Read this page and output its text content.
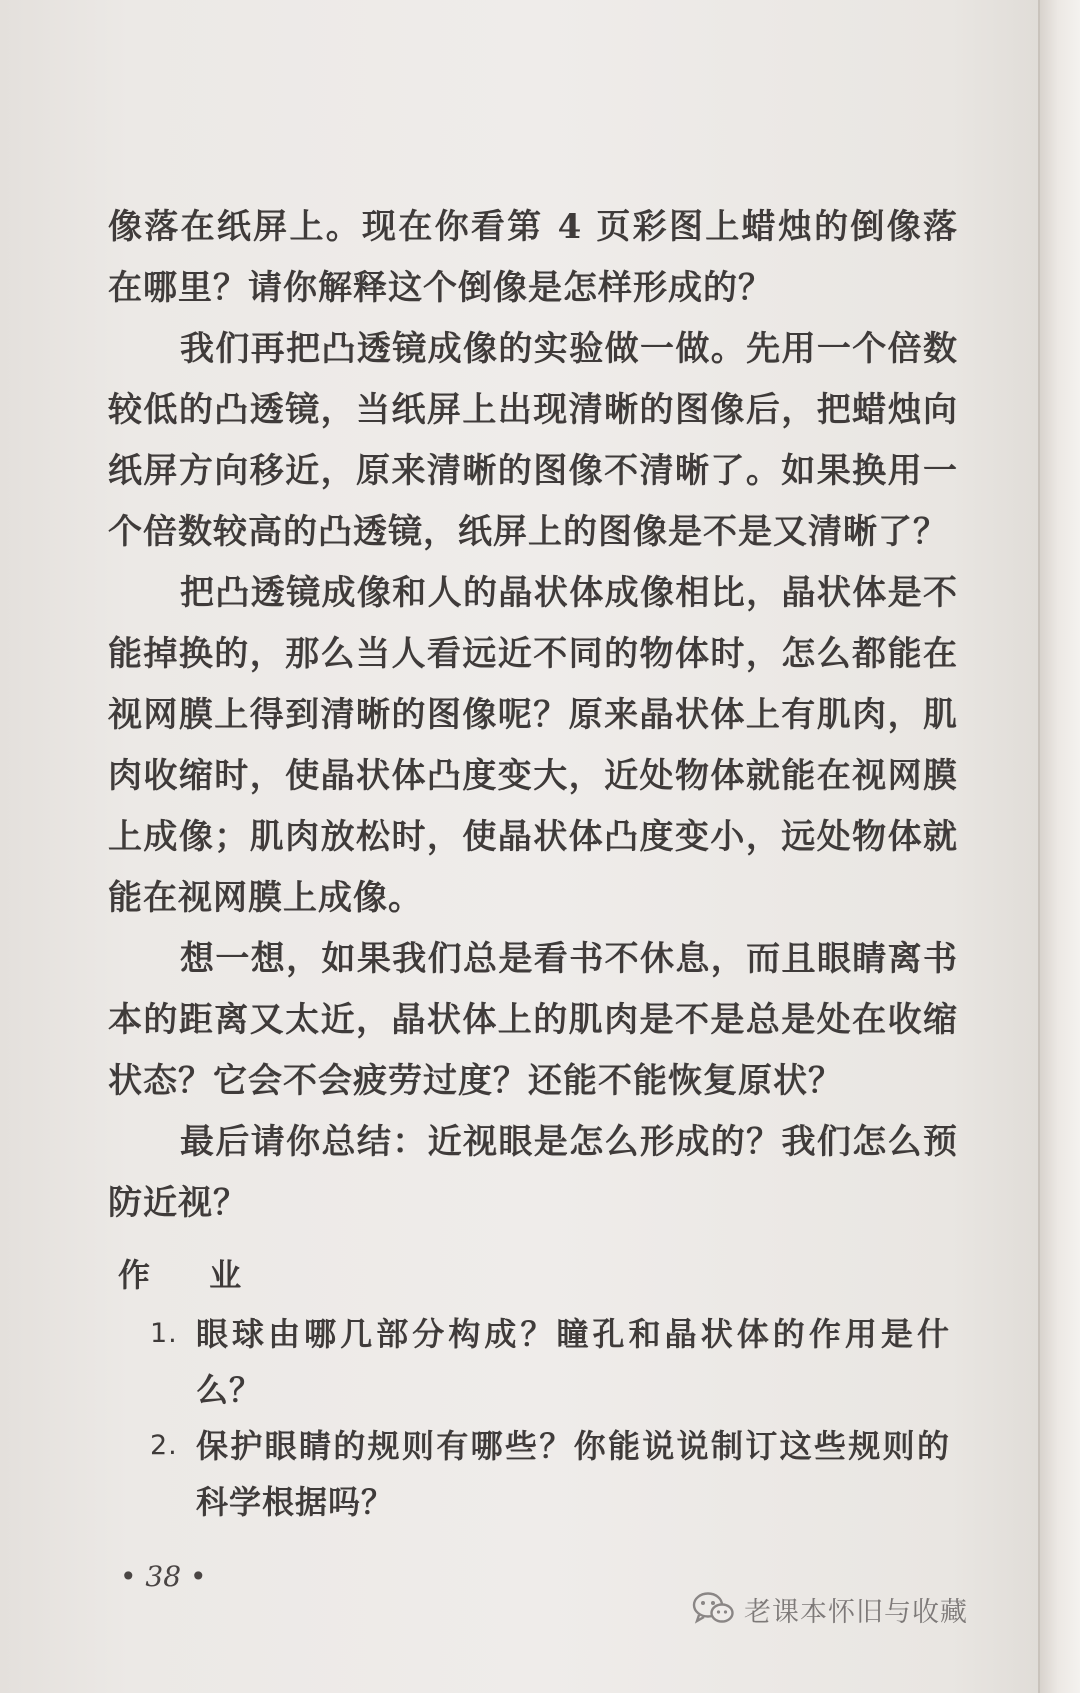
像落在纸屏上。现在你看第 4 页彩图上蜡烛的倒像落在哪里？请你解释这个倒像是怎样形成的？

我们再把凸透镜成像的实验做一做。先用一个倍数较低的凸透镜，当纸屏上出现清晰的图像后，把蜡烛向纸屏方向移近，原来清晰的图像不清晰了。如果换用一个倍数较高的凸透镜，纸屏上的图像是不是又清晰了？

把凸透镜成像和人的晶状体成像相比，晶状体是不能掉换的，那么当人看远近不同的物体时，怎么都能在视网膜上得到清晰的图像呢？原来晶状体上有肌肉，肌肉收缩时，使晶状体凸度变大，近处物体就能在视网膜上成像；肌肉放松时，使晶状体凸度变小，远处物体就能在视网膜上成像。

想一想，如果我们总是看书不休息，而且眼睛离书本的距离又太近，晶状体上的肌肉是不是总是处在收缩状态？它会不会疲劳过度？还能不能恢复原状？

最后请你总结：近视眼是怎么形成的？我们怎么预防近视？

作 业
1. 眼球由哪几部分构成？瞳孔和晶状体的作用是什么？
2. 保护眼睛的规则有哪些？你能说说制订这些规则的科学根据吗？
• 38 •
老课本怀旧与收藏
